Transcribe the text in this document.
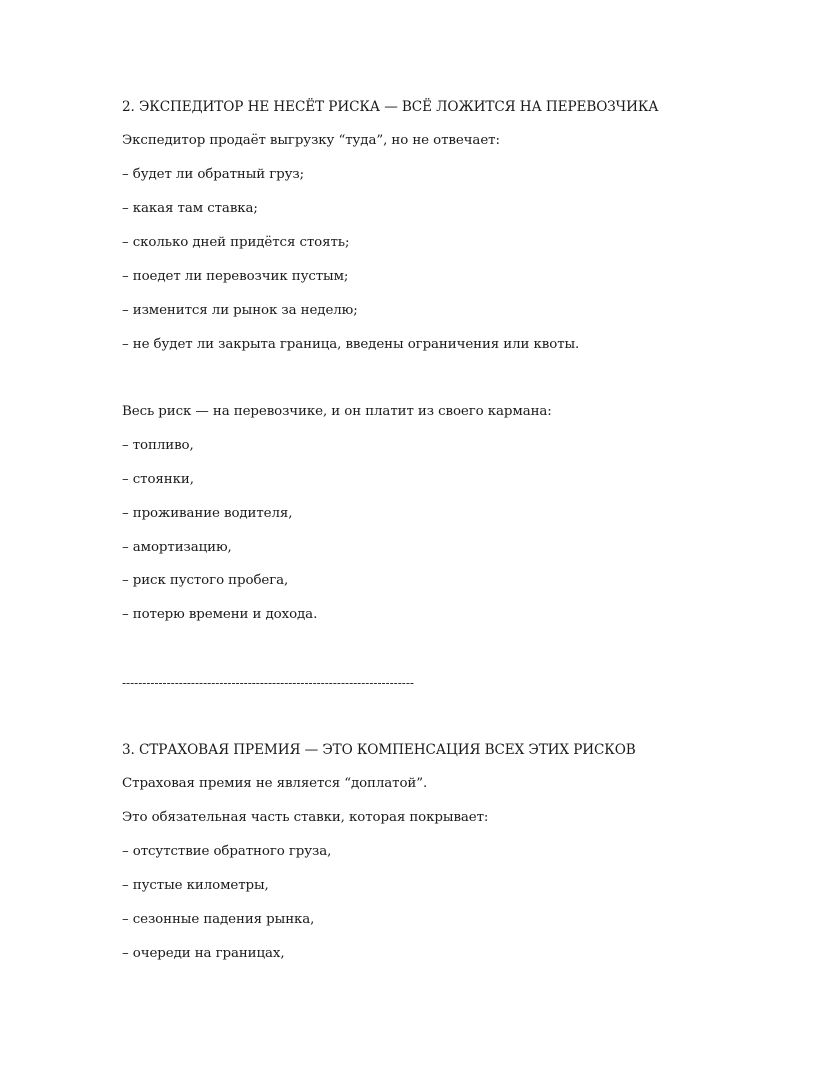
2. ЭКСПЕДИТОР НЕ НЕСЁТ РИСКА — ВСЁ ЛОЖИТСЯ НА ПЕРЕВОЗЧИКА
Экспедитор продаёт выгрузку “туда”, но не отвечает:
– будет ли обратный груз;
– какая там ставка;
– сколько дней придётся стоять;
– поедет ли перевозчик пустым;
– изменится ли рынок за неделю;
– не будет ли закрыта граница, введены ограничения или квоты.
Весь риск — на перевозчике, и он платит из своего кармана:
– топливо,
– стоянки,
– проживание водителя,
– амортизацию,
– риск пустого пробега,
– потерю времени и дохода.
------------------------------------------------------------------------
3. СТРАХОВАЯ ПРЕМИЯ — ЭТО КОМПЕНСАЦИЯ ВСЕХ ЭТИХ РИСКОВ
Страховая премия не является “доплатой”.
Это обязательная часть ставки, которая покрывает:
– отсутствие обратного груза,
– пустые километры,
– сезонные падения рынка,
– очереди на границах,
